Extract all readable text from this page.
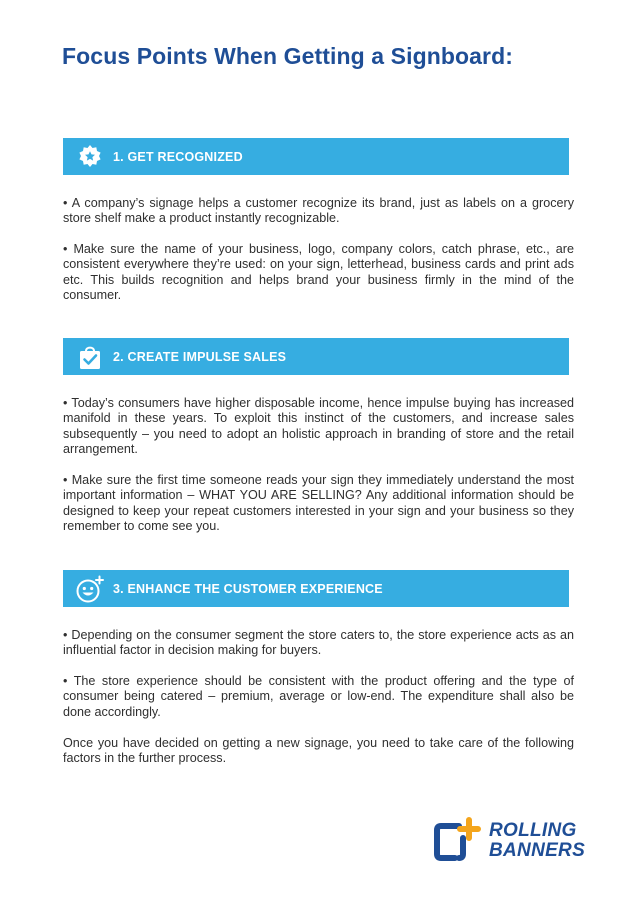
Focus Points When Getting a Signboard:
1. GET RECOGNIZED

• A company’s signage helps a customer recognize its brand, just as labels on a grocery store shelf make a product instantly recognizable.

• Make sure the name of your business, logo, company colors, catch phrase, etc., are consistent everywhere they’re used: on your sign, letterhead, business cards and print ads etc. This builds recognition and helps brand your business firmly in the mind of the consumer.

2. CREATE IMPULSE SALES

• Today’s consumers have higher disposable income, hence impulse buying has increased manifold in these years. To exploit this instinct of the customers, and increase sales subsequently – you need to adopt an holistic approach in branding of store and the retail arrangement.

• Make sure the first time someone reads your sign they immediately understand the most important information – WHAT YOU ARE SELLING? Any additional information should be designed to keep your repeat customers interested in your sign and your business so they remember to come see you.

3. ENHANCE THE CUSTOMER EXPERIENCE

• Depending on the consumer segment the store caters to, the store experience acts as an influential factor in decision making for buyers.

• The store experience should be consistent with the product offering and the type of consumer being catered – premium, average or low-end. The expenditure shall also be done accordingly.

Once you have decided on getting a new signage, you need to take care of the following factors in the further process.

ROLLING
BANNERS
